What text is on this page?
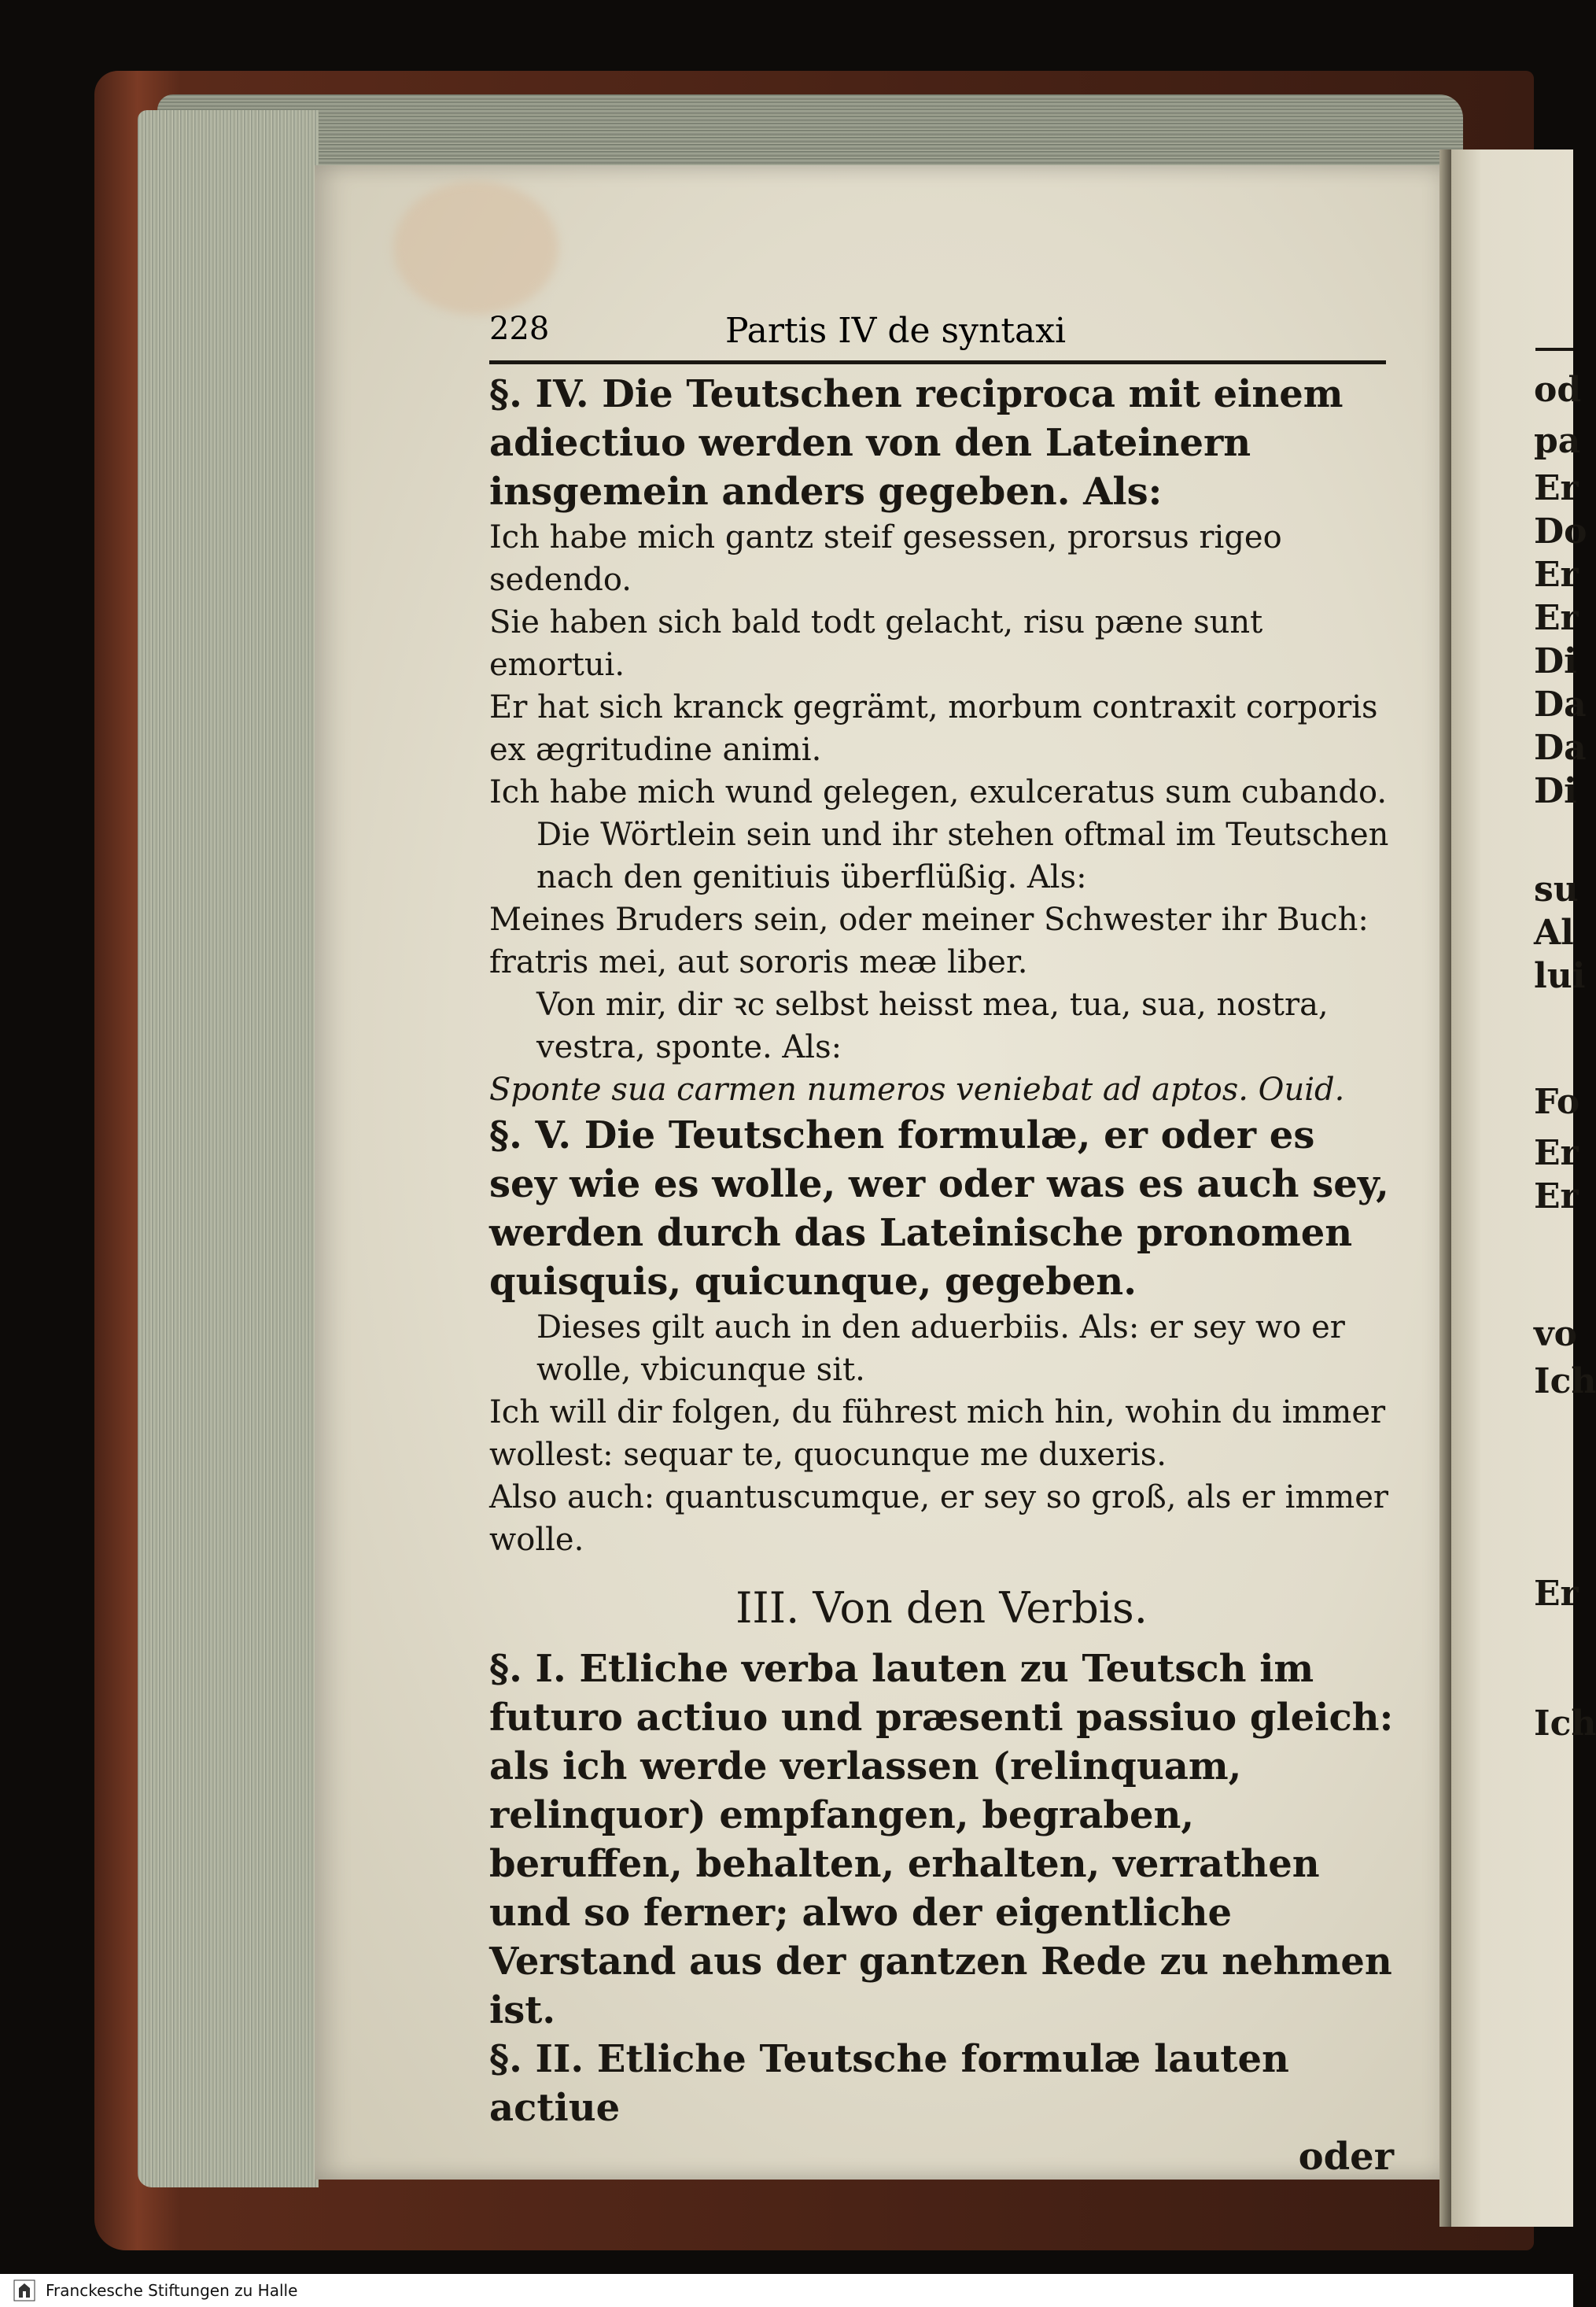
228	Partis IV de syntaxi

§. IV. Die Teutschen reciproca mit einem adiectiuo werden von den Lateinern insgemein anders gegeben. Als:

Ich habe mich gantz steif gesessen, prorsus rigeo sedendo.

Sie haben sich bald todt gelacht, risu pæne sunt emortui.

Er hat sich kranck gegrämt, morbum contraxit corporis ex ægritudine animi.

Ich habe mich wund gelegen, exulceratus sum cubando.

Die Wörtlein sein und ihr stehen oftmal im Teutschen nach den genitiuis überflüßig. Als:

Meines Bruders sein, oder meiner Schwester ihr Buch: fratris mei, aut sororis meæ liber.

Von mir, dir ꝛc selbst heisst mea, tua, sua, nostra, vestra, sponte. Als:

Sponte sua carmen numeros veniebat ad aptos. Ouid.

§. V. Die Teutschen formulæ, er oder es sey wie es wolle, wer oder was es auch sey, werden durch das Lateinische pronomen quisquis, quicunque, gegeben.

Dieses gilt auch in den aduerbiis. Als: er sey wo er wolle, vbicunque sit.

Ich will dir folgen, du führest mich hin, wohin du immer wollest: sequar te, quocunque me duxeris.

Also auch: quantuscumque, er sey so groß, als er immer wolle.

III. Von den Verbis.

§. I. Etliche verba lauten zu Teutsch im futuro actiuo und præsenti passiuo gleich: als ich werde verlassen (relinquam, relinquor) empfangen, begraben, beruffen, behalten, erhalten, verrathen und so ferner; alwo der eigentliche Verstand aus der gantzen Rede zu nehmen ist.

§. II. Etliche Teutsche formulæ lauten actiue

oder

od
pa
Er
Do
Er
Er
Di
Da
Da
Di
su
Al
lui
Fo
Er
Er
vo
Ich
Er
Ich
Franckesche Stiftungen zu Halle
